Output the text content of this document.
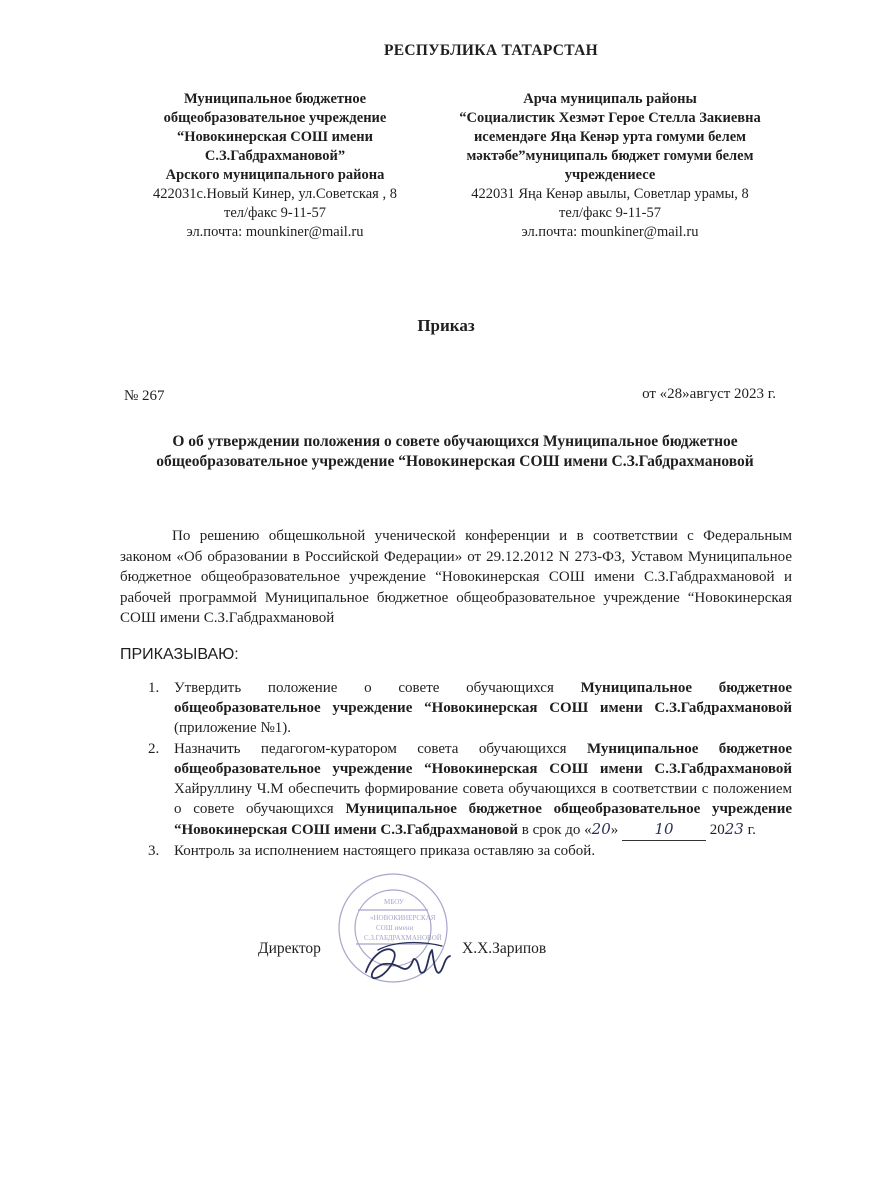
РЕСПУБЛИКА ТАТАРСТАН
Муниципальное бюджетное
общеобразовательное учреждение
“Новокинерская СОШ имени
С.З.Габдрахмановой”
Арского муниципального района
422031с.Новый Кинер, ул.Советская , 8
тел/факс 9-11-57
эл.почта: mounkiner@mail.ru
Арча муниципаль районы
“Социалистик Хезмәт Герое Стелла Закиевна
исемендәге Яңа Кенәр урта гомуми белем
мәктәбе”муниципаль бюджет гомуми белем
учреждениесе
422031 Яңа Кенәр авылы, Советлар урамы, 8
тел/факс 9-11-57
эл.почта: mounkiner@mail.ru
Приказ
№ 267	от «28»август 2023 г.
О об утверждении положения о совете обучающихся Муниципальное бюджетное
общеобразовательное учреждение “Новокинерская СОШ имени С.З.Габдрахмановой
По решению общешкольной ученической конференции и в соответствии с Федеральным законом «Об образовании в Российской Федерации» от 29.12.2012 N 273-ФЗ, Уставом Муниципальное бюджетное общеобразовательное учреждение “Новокинерская СОШ имени С.З.Габдрахмановой и рабочей программой Муниципальное бюджетное общеобразовательное учреждение “Новокинерская СОШ имени С.З.Габдрахмановой
ПРИКАЗЫВАЮ:
1. Утвердить положение о совете обучающихся Муниципальное бюджетное общеобразовательное учреждение “Новокинерская СОШ имени С.З.Габдрахмановой (приложение №1).
2. Назначить педагогом-куратором совета обучающихся Муниципальное бюджетное общеобразовательное учреждение “Новокинерская СОШ имени С.З.Габдрахмановой Хайруллину Ч.М обеспечить формирование совета обучающихся в соответствии с положением о совете обучающихся Муниципальное бюджетное общеобразовательное учреждение “Новокинерская СОШ имени С.З.Габдрахмановой в срок до «20» 10 2023 г.
3. Контроль за исполнением настоящего приказа оставляю за собой.
МБОУ
«НОВОКИНЕРСКАЯ
СОШ имени
С.З.ГАБДРАХМАНОВОЙ
Директор	Х.Х.Зарипов
